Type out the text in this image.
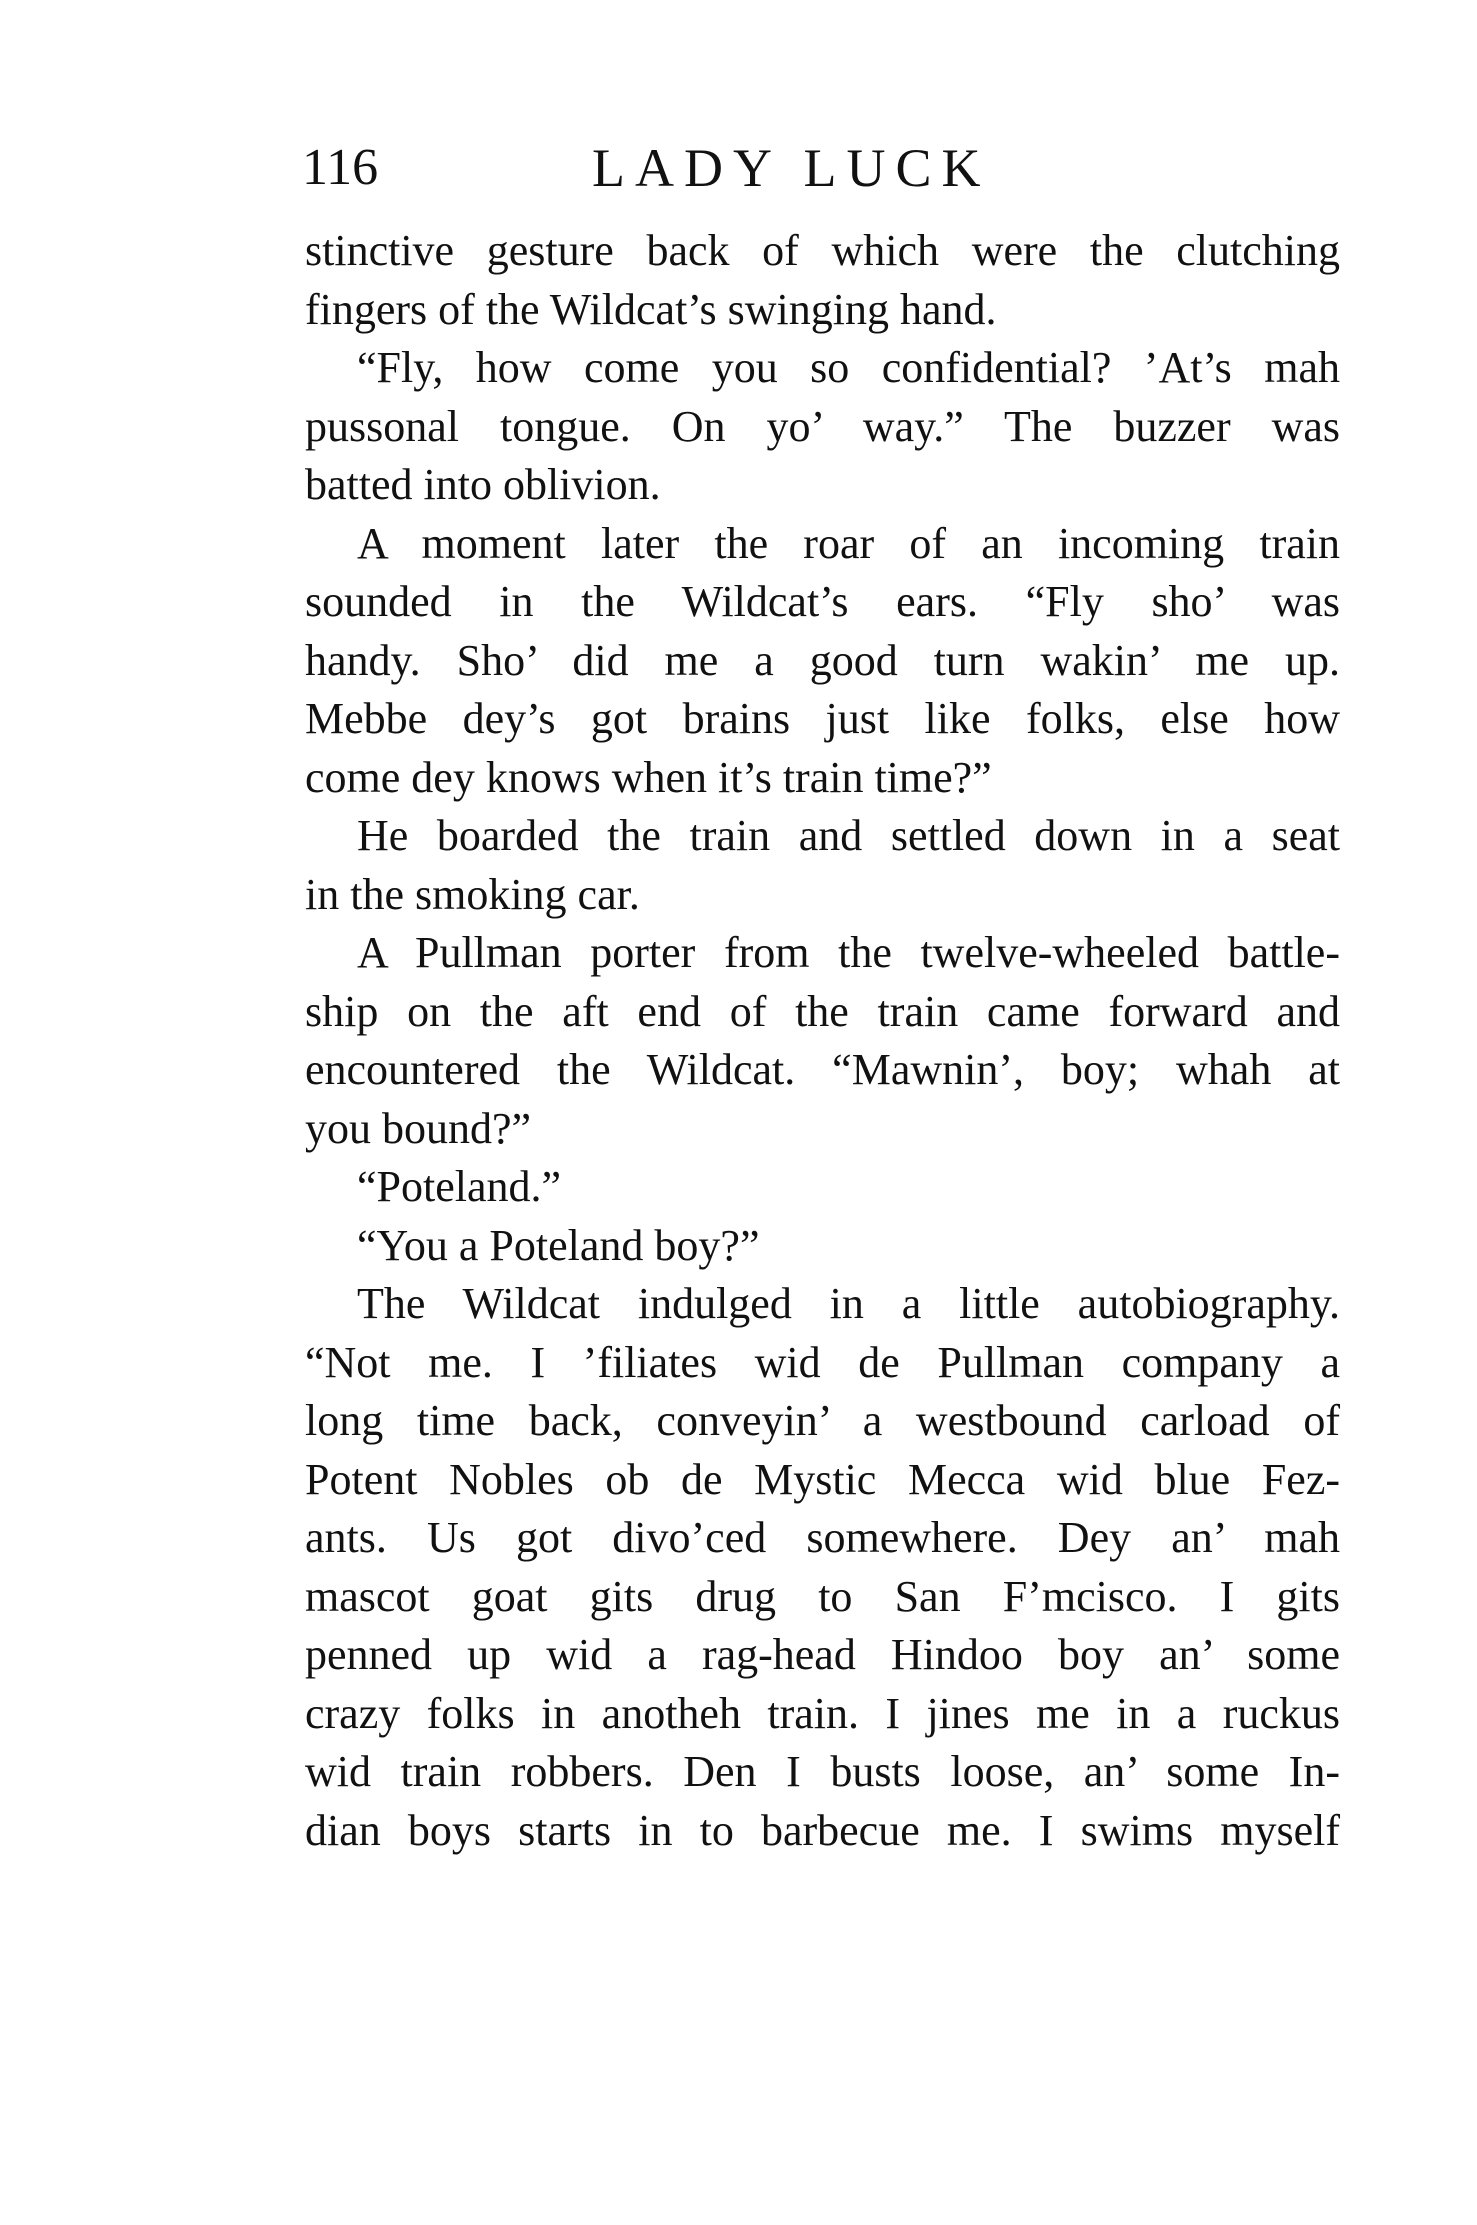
116	LADY LUCK
stinctive gesture back of which were the clutching
fingers of the Wildcat’s swinging hand.
“Fly, how come you so confidential? ’At’s mah
pussonal tongue. On yo’ way.” The buzzer was
batted into oblivion.
A moment later the roar of an incoming train
sounded in the Wildcat’s ears. “Fly sho’ was
handy. Sho’ did me a good turn wakin’ me up.
Mebbe dey’s got brains just like folks, else how
come dey knows when it’s train time?”
He boarded the train and settled down in a seat
in the smoking car.
A Pullman porter from the twelve-wheeled battle-
ship on the aft end of the train came forward and
encountered the Wildcat. “Mawnin’, boy; whah at
you bound?”
“Poteland.”
“You a Poteland boy?”
The Wildcat indulged in a little autobiography.
“Not me. I ’filiates wid de Pullman company a
long time back, conveyin’ a westbound carload of
Potent Nobles ob de Mystic Mecca wid blue Fez-
ants. Us got divo’ced somewhere. Dey an’ mah
mascot goat gits drug to San F’mcisco. I gits
penned up wid a rag-head Hindoo boy an’ some
crazy folks in anotheh train. I jines me in a ruckus
wid train robbers. Den I busts loose, an’ some In-
dian boys starts in to barbecue me. I swims myself
